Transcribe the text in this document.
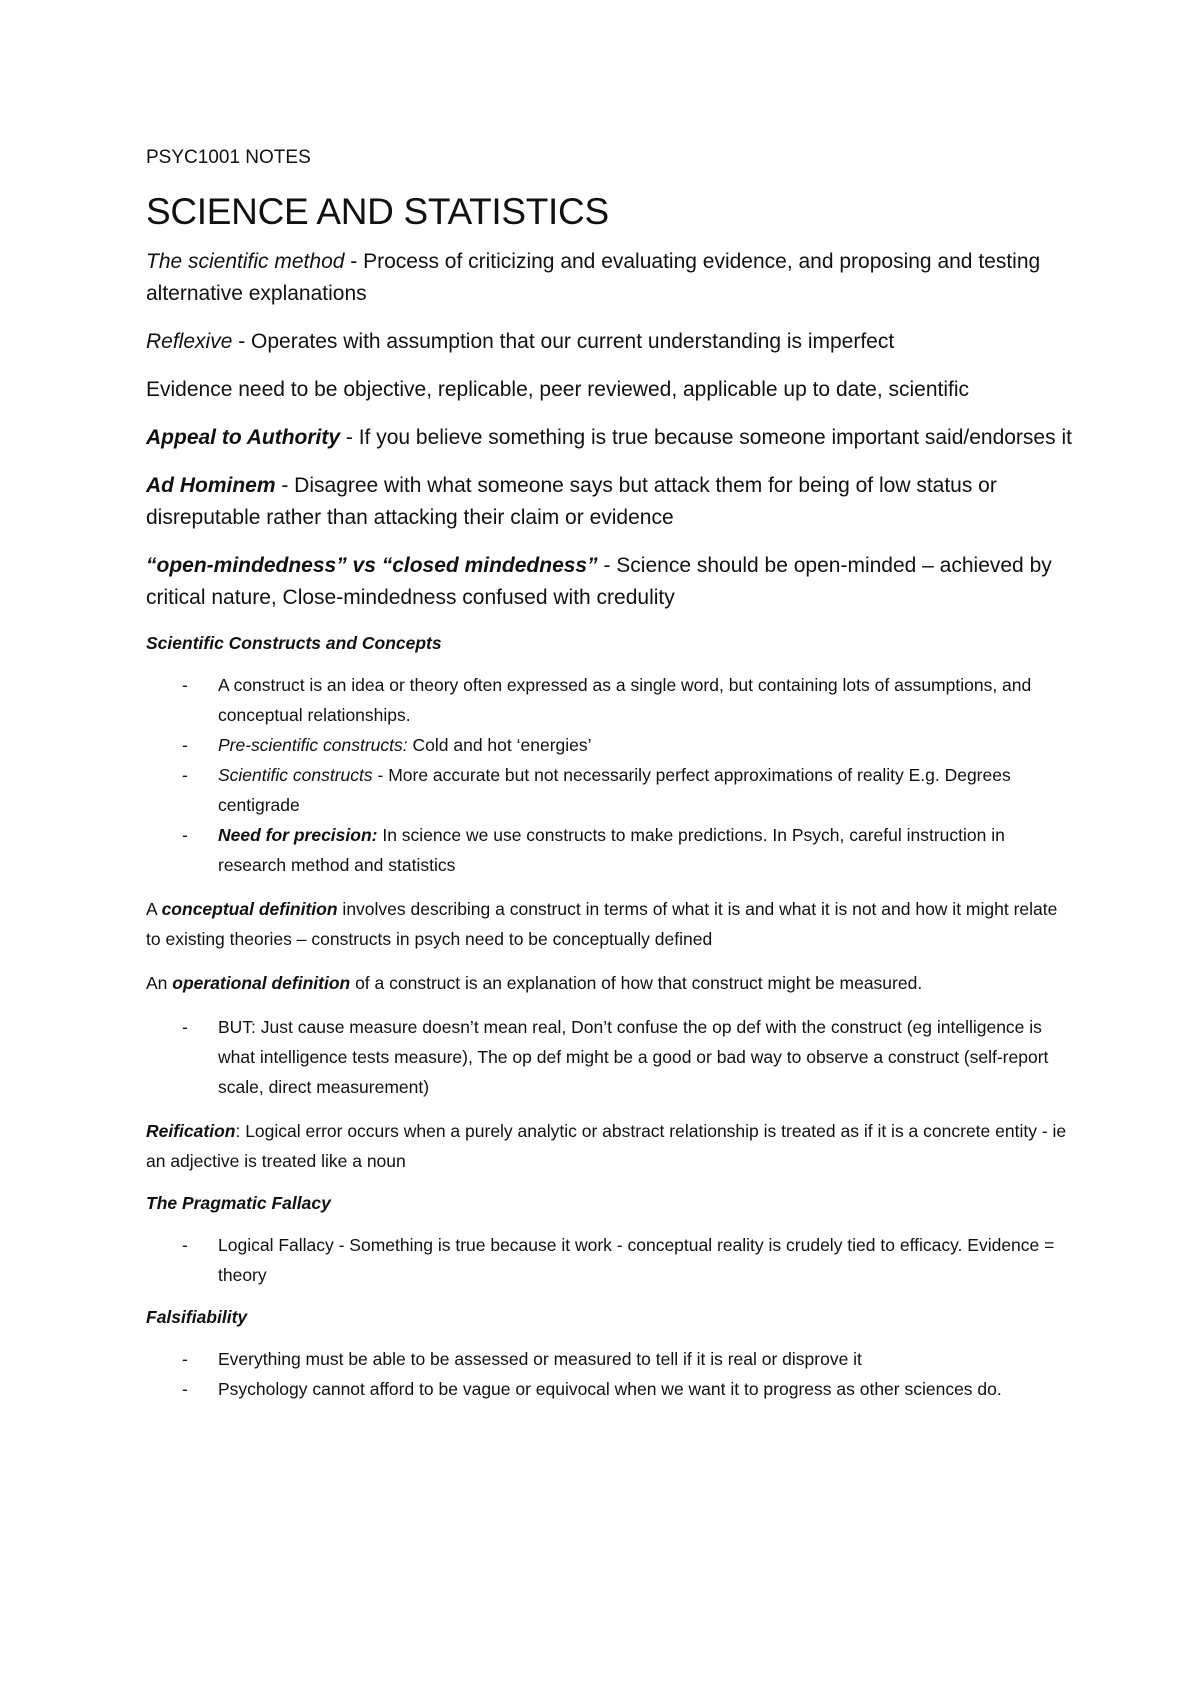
PSYC1001 NOTES
SCIENCE AND STATISTICS

The scientific method - Process of criticizing and evaluating evidence, and proposing and testing alternative explanations

Reflexive - Operates with assumption that our current understanding is imperfect

Evidence need to be objective, replicable, peer reviewed, applicable up to date, scientific

Appeal to Authority - If you believe something is true because someone important said/endorses it

Ad Hominem - Disagree with what someone says but attack them for being of low status or disreputable rather than attacking their claim or evidence

“open-mindedness” vs “closed mindedness” - Science should be open-minded – achieved by critical nature, Close-mindedness confused with credulity

Scientific Constructs and Concepts
- A construct is an idea or theory often expressed as a single word, but containing lots of assumptions, and conceptual relationships.
- Pre-scientific constructs: Cold and hot ‘energies’
- Scientific constructs - More accurate but not necessarily perfect approximations of reality E.g. Degrees centigrade
- Need for precision: In science we use constructs to make predictions. In Psych, careful instruction in research method and statistics

A conceptual definition involves describing a construct in terms of what it is and what it is not and how it might relate to existing theories – constructs in psych need to be conceptually defined

An operational definition of a construct is an explanation of how that construct might be measured.

- BUT: Just cause measure doesn’t mean real, Don’t confuse the op def with the construct (eg intelligence is what intelligence tests measure), The op def might be a good or bad way to observe a construct (self-report scale, direct measurement)

Reification: Logical error occurs when a purely analytic or abstract relationship is treated as if it is a concrete entity - ie an adjective is treated like a noun

The Pragmatic Fallacy
- Logical Fallacy - Something is true because it work - conceptual reality is crudely tied to efficacy. Evidence = theory
Falsifiability
- Everything must be able to be assessed or measured to tell if it is real or disprove it
- Psychology cannot afford to be vague or equivocal when we want it to progress as other sciences do.
